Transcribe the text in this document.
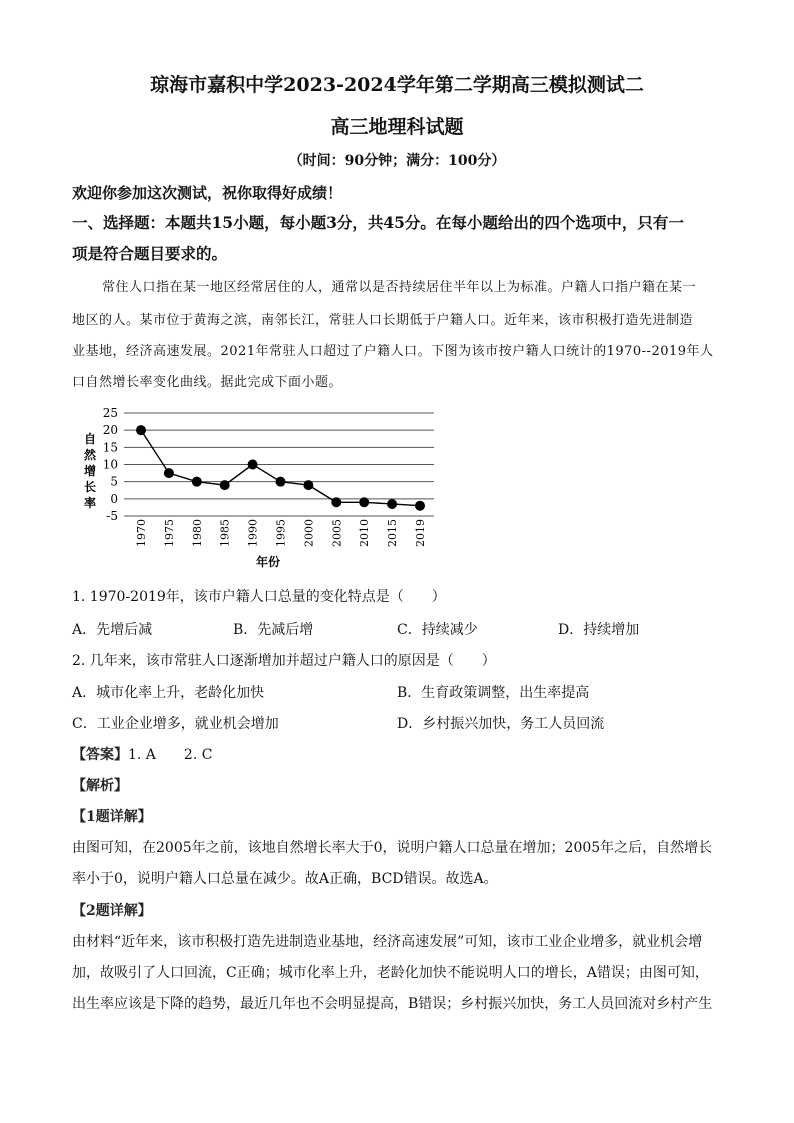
琼海市嘉积中学2023-2024学年第二学期高三模拟测试二
高三地理科试题
（时间：90分钟；满分：100分）
欢迎你参加这次测试，祝你取得好成绩！
一、选择题：本题共15小题，每小题3分，共45分。在每小题给出的四个选项中，只有一
项是符合题目要求的。
常住人口指在某一地区经常居住的人，通常以是否持续居住半年以上为标准。户籍人口指户籍在某一
地区的人。某市位于黄海之滨，南邻长江，常驻人口长期低于户籍人口。近年来，该市积极打造先进制造
业基地，经济高速发展。2021年常驻人口超过了户籍人口。下图为该市按户籍人口统计的1970--2019年人
口自然增长率变化曲线。据此完成下面小题。
25
20
15
10
5
0
-5
1970 1975 1980 1985 1990 1995 2000 2005 2010 2015 2019
自然增长率
年份
1. 1970-2019年，该市户籍人口总量的变化特点是（　　）
A．先增后减	B．先减后增	C．持续减少	D．持续增加
2. 几年来，该市常驻人口逐渐增加并超过户籍人口的原因是（　　）
A．城市化率上升，老龄化加快	B．生育政策调整，出生率提高
C．工业企业增多，就业机会增加	D．乡村振兴加快，务工人员回流
【答案】1. A　　2. C
【解析】
【1题详解】
由图可知，在2005年之前，该地自然增长率大于0，说明户籍人口总量在增加；2005年之后，自然增长
率小于0，说明户籍人口总量在减少。故A正确，BCD错误。故选A。
【2题详解】
由材料“近年来，该市积极打造先进制造业基地，经济高速发展”可知，该市工业企业增多，就业机会增
加，故吸引了人口回流，C正确；城市化率上升，老龄化加快不能说明人口的增长，A错误；由图可知，
出生率应该是下降的趋势，最近几年也不会明显提高，B错误；乡村振兴加快，务工人员回流对乡村产生
